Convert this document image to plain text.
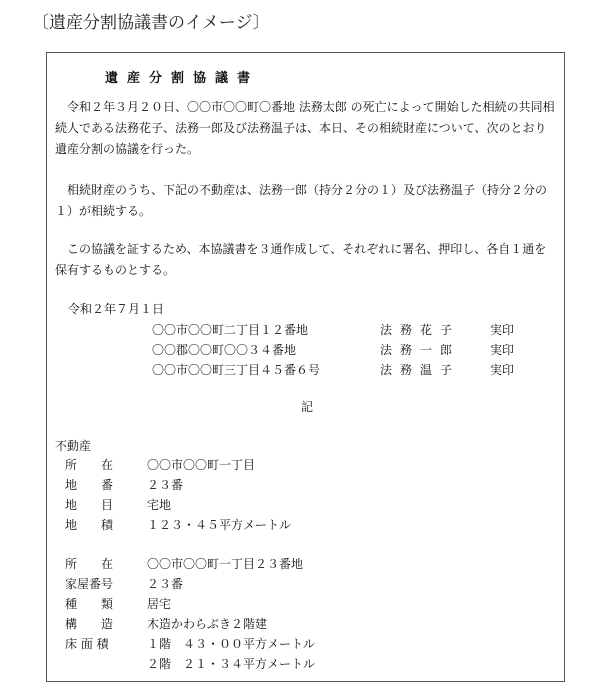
〔遺産分割協議書のイメージ〕
遺産分割協議書
　令和２年３月２０日、〇〇市〇〇町〇番地 法務太郎 の死亡によって開始した相続の共同相続人である法務花子、法務一郎及び法務温子は、本日、その相続財産について、次のとおり遺産分割の協議を行った。
　相続財産のうち、下記の不動産は、法務一郎（持分２分の１）及び法務温子（持分２分の１）が相続する。
　この協議を証するため、本協議書を３通作成して、それぞれに署名、押印し、各自１通を保有するものとする。
令和２年７月１日
〇〇市〇〇町二丁目１２番地	法務花子	実印
〇〇郡〇〇町〇〇３４番地	法務一郎	実印
〇〇市〇〇町三丁目４５番６号	法務温子	実印
記
不動産
所　　在	〇〇市〇〇町一丁目
地　　番	２３番
地　　目	宅地
地　　積	１２３・４５平方メートル
所　　在	〇〇市〇〇町一丁目２３番地
家屋番号	２３番
種　　類	居宅
構　　造	木造かわらぶき２階建
床 面 積	１階　４３・００平方メートル
２階　２１・３４平方メートル
